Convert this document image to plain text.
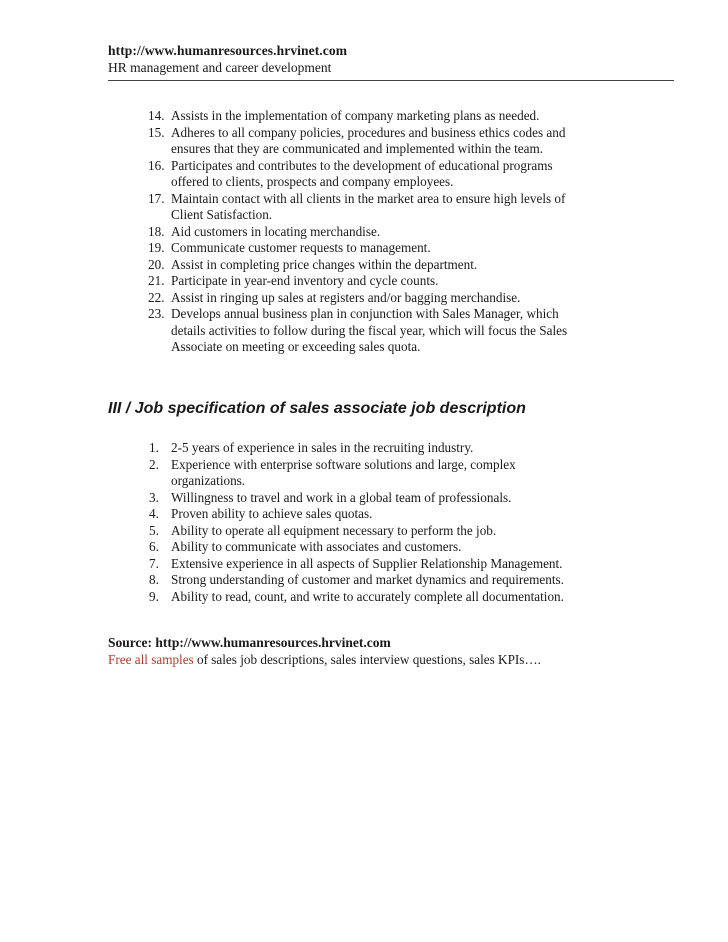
http://www.humanresources.hrvinet.com
HR management and career development
14. Assists in the implementation of company marketing plans as needed.
15. Adheres to all company policies, procedures and business ethics codes and
ensures that they are communicated and implemented within the team.
16. Participates and contributes to the development of educational programs
offered to clients, prospects and company employees.
17. Maintain contact with all clients in the market area to ensure high levels of
Client Satisfaction.
18. Aid customers in locating merchandise.
19. Communicate customer requests to management.
20. Assist in completing price changes within the department.
21. Participate in year-end inventory and cycle counts.
22. Assist in ringing up sales at registers and/or bagging merchandise.
23. Develops annual business plan in conjunction with Sales Manager, which
details activities to follow during the fiscal year, which will focus the Sales
Associate on meeting or exceeding sales quota.
III / Job specification of sales associate job description
1. 2-5 years of experience in sales in the recruiting industry.
2. Experience with enterprise software solutions and large, complex
organizations.
3. Willingness to travel and work in a global team of professionals.
4. Proven ability to achieve sales quotas.
5. Ability to operate all equipment necessary to perform the job.
6. Ability to communicate with associates and customers.
7. Extensive experience in all aspects of Supplier Relationship Management.
8. Strong understanding of customer and market dynamics and requirements.
9. Ability to read, count, and write to accurately complete all documentation.
Source: http://www.humanresources.hrvinet.com
Free all samples of sales job descriptions, sales interview questions, sales KPIs….
